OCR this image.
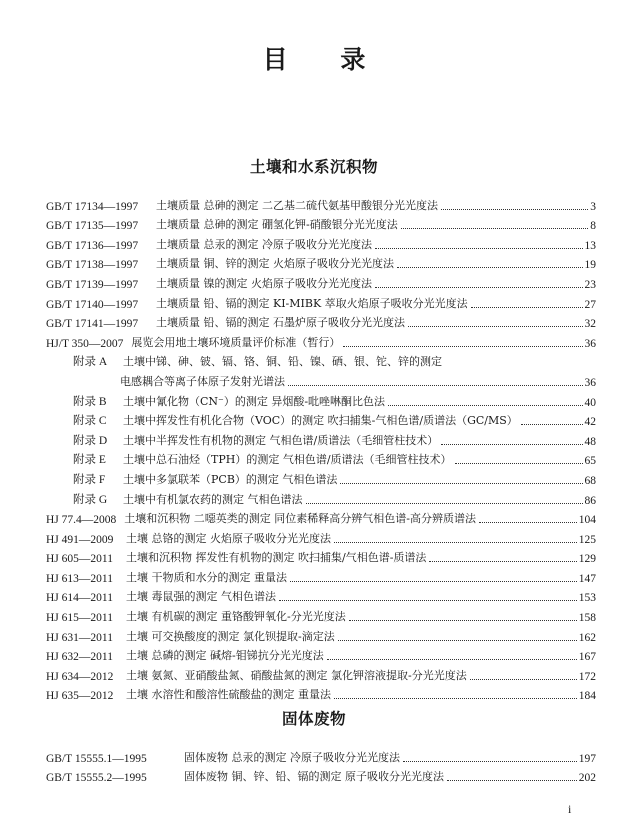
目 录
土壤和水系沉积物
GB/T 17134—1997	土壤质量 总砷的测定 二乙基二硫代氨基甲酸银分光光度法	3
GB/T 17135—1997	土壤质量 总砷的测定 硼氢化钾-硝酸银分光光度法	8
GB/T 17136—1997	土壤质量 总汞的测定 冷原子吸收分光光度法	13
GB/T 17138—1997	土壤质量 铜、锌的测定 火焰原子吸收分光光度法	19
GB/T 17139—1997	土壤质量 镍的测定 火焰原子吸收分光光度法	23
GB/T 17140—1997	土壤质量 铅、镉的测定 KI-MIBK 萃取火焰原子吸收分光光度法	27
GB/T 17141—1997	土壤质量 铅、镉的测定 石墨炉原子吸收分光光度法	32
HJ/T 350—2007 展览会用地土壤环境质量评价标准（暂行）	36
附录 A	土壤中锑、砷、铍、镉、铬、铜、铅、镍、硒、银、铊、锌的测定
电感耦合等离子体原子发射光谱法	36
附录 B	土壤中氰化物（CN⁻）的测定 异烟酸-吡唑啉酮比色法	40
附录 C	土壤中挥发性有机化合物（VOC）的测定 吹扫捕集-气相色谱/质谱法（GC/MS）	42
附录 D	土壤中半挥发性有机物的测定 气相色谱/质谱法（毛细管柱技术）	48
附录 E	土壤中总石油烃（TPH）的测定 气相色谱/质谱法（毛细管柱技术）	65
附录 F	土壤中多氯联苯（PCB）的测定 气相色谱法	68
附录 G	土壤中有机氯农药的测定 气相色谱法	86
HJ 77.4—2008 土壤和沉积物 二噁英类的测定 同位素稀释高分辨气相色谱-高分辨质谱法	104
HJ 491—2009	土壤 总铬的测定 火焰原子吸收分光光度法	125
HJ 605—2011	土壤和沉积物 挥发性有机物的测定 吹扫捕集/气相色谱-质谱法	129
HJ 613—2011	土壤 干物质和水分的测定 重量法	147
HJ 614—2011	土壤 毒鼠强的测定 气相色谱法	153
HJ 615—2011	土壤 有机碳的测定 重铬酸钾氧化-分光光度法	158
HJ 631—2011	土壤 可交换酸度的测定 氯化钡提取-滴定法	162
HJ 632—2011	土壤 总磷的测定 碱熔-钼锑抗分光光度法	167
HJ 634—2012	土壤 氨氮、亚硝酸盐氮、硝酸盐氮的测定 氯化钾溶液提取-分光光度法	172
HJ 635—2012	土壤 水溶性和酸溶性硫酸盐的测定 重量法	184
固体废物
GB/T 15555.1—1995	固体废物 总汞的测定 冷原子吸收分光光度法	197
GB/T 15555.2—1995	固体废物 铜、锌、铅、镉的测定 原子吸收分光光度法	202
i
